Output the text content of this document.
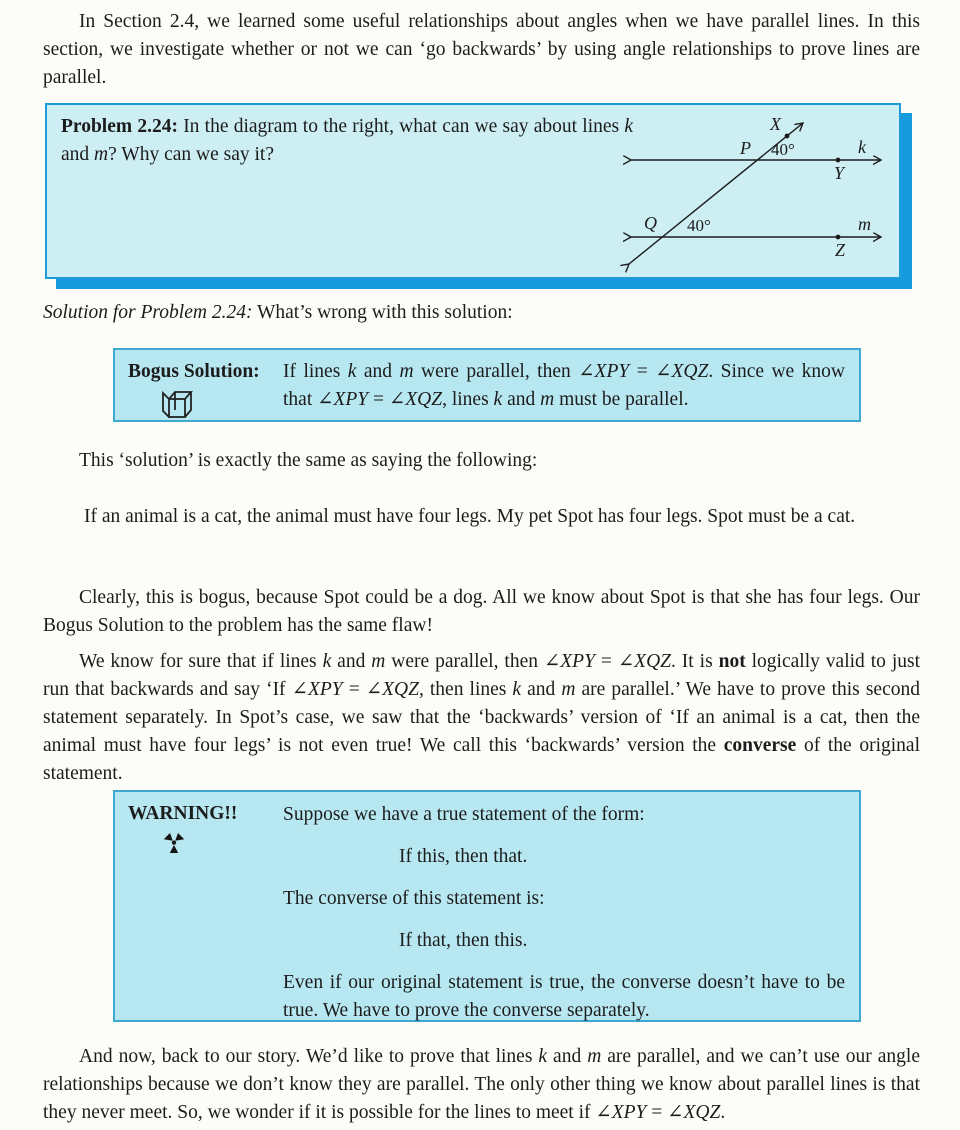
In Section 2.4, we learned some useful relationships about angles when we have parallel lines. In this section, we investigate whether or not we can ‘go backwards’ by using angle relationships to prove lines are parallel.
Problem 2.24: In the diagram to the right, what can we say about lines k and m? Why can we say it?
X
P 40°
Y
k
Q 40°
Z
m
Solution for Problem 2.24: What’s wrong with this solution:
Bogus Solution:	If lines k and m were parallel, then ∠XPY = ∠XQZ. Since we know that ∠XPY = ∠XQZ, lines k and m must be parallel.
This ‘solution’ is exactly the same as saying the following:
If an animal is a cat, the animal must have four legs. My pet Spot has four legs. Spot must be a cat.
Clearly, this is bogus, because Spot could be a dog. All we know about Spot is that she has four legs. Our Bogus Solution to the problem has the same flaw!
We know for sure that if lines k and m were parallel, then ∠XPY = ∠XQZ. It is not logically valid to just run that backwards and say ‘If ∠XPY = ∠XQZ, then lines k and m are parallel.’ We have to prove this second statement separately. In Spot’s case, we saw that the ‘backwards’ version of ‘If an animal is a cat, then the animal must have four legs’ is not even true! We call this ‘backwards’ version the converse of the original statement.
WARNING!!	Suppose we have a true statement of the form:
If this, then that.
The converse of this statement is:
If that, then this.
Even if our original statement is true, the converse doesn’t have to be true. We have to prove the converse separately.
And now, back to our story. We’d like to prove that lines k and m are parallel, and we can’t use our angle relationships because we don’t know they are parallel. The only other thing we know about parallel lines is that they never meet. So, we wonder if it is possible for the lines to meet if ∠XPY = ∠XQZ.
